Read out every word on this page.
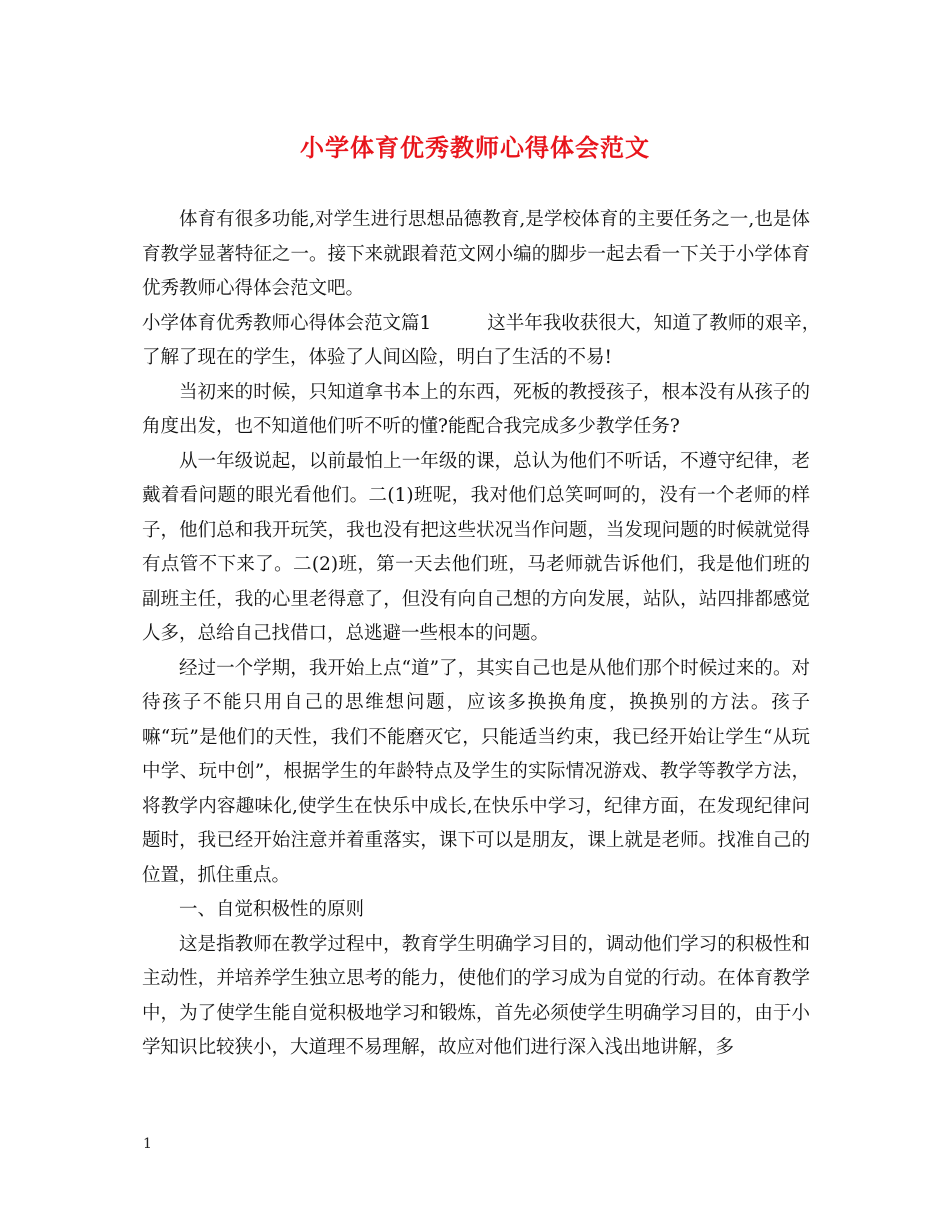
小学体育优秀教师心得体会范文

体育有很多功能,对学生进行思想品德教育,是学校体育的主要任务之一,也是体育教学显著特征之一。接下来就跟着范文网小编的脚步一起去看一下关于小学体育优秀教师心得体会范文吧。

小学体育优秀教师心得体会范文篇1	这半年我收获很大，知道了教师的艰辛，

了解了现在的学生，体验了人间凶险，明白了生活的不易!

当初来的时候，只知道拿书本上的东西，死板的教授孩子，根本没有从孩子的角度出发，也不知道他们听不听的懂?能配合我完成多少教学任务?

从一年级说起，以前最怕上一年级的课，总认为他们不听话，不遵守纪律，老戴着看问题的眼光看他们。二(1)班呢，我对他们总笑呵呵的，没有一个老师的样子，他们总和我开玩笑，我也没有把这些状况当作问题，当发现问题的时候就觉得有点管不下来了。二(2)班，第一天去他们班，马老师就告诉他们，我是他们班的副班主任，我的心里老得意了，但没有向自己想的方向发展，站队，站四排都感觉人多，总给自己找借口，总逃避一些根本的问题。

经过一个学期，我开始上点“道”了，其实自己也是从他们那个时候过来的。对待孩子不能只用自己的思维想问题，应该多换换角度，换换别的方法。孩子嘛“玩”是他们的天性，我们不能磨灭它，只能适当约束，我已经开始让学生“从玩中学、玩中创”，根据学生的年龄特点及学生的实际情况游戏、教学等教学方法，将教学内容趣味化,使学生在快乐中成长,在快乐中学习，纪律方面，在发现纪律问题时，我已经开始注意并着重落实，课下可以是朋友，课上就是老师。找准自己的位置，抓住重点。

一、自觉积极性的原则

这是指教师在教学过程中，教育学生明确学习目的，调动他们学习的积极性和主动性，并培养学生独立思考的能力，使他们的学习成为自觉的行动。在体育教学中，为了使学生能自觉积极地学习和锻炼，首先必须使学生明确学习目的，由于小学知识比较狭小，大道理不易理解，故应对他们进行深入浅出地讲解，多

1
